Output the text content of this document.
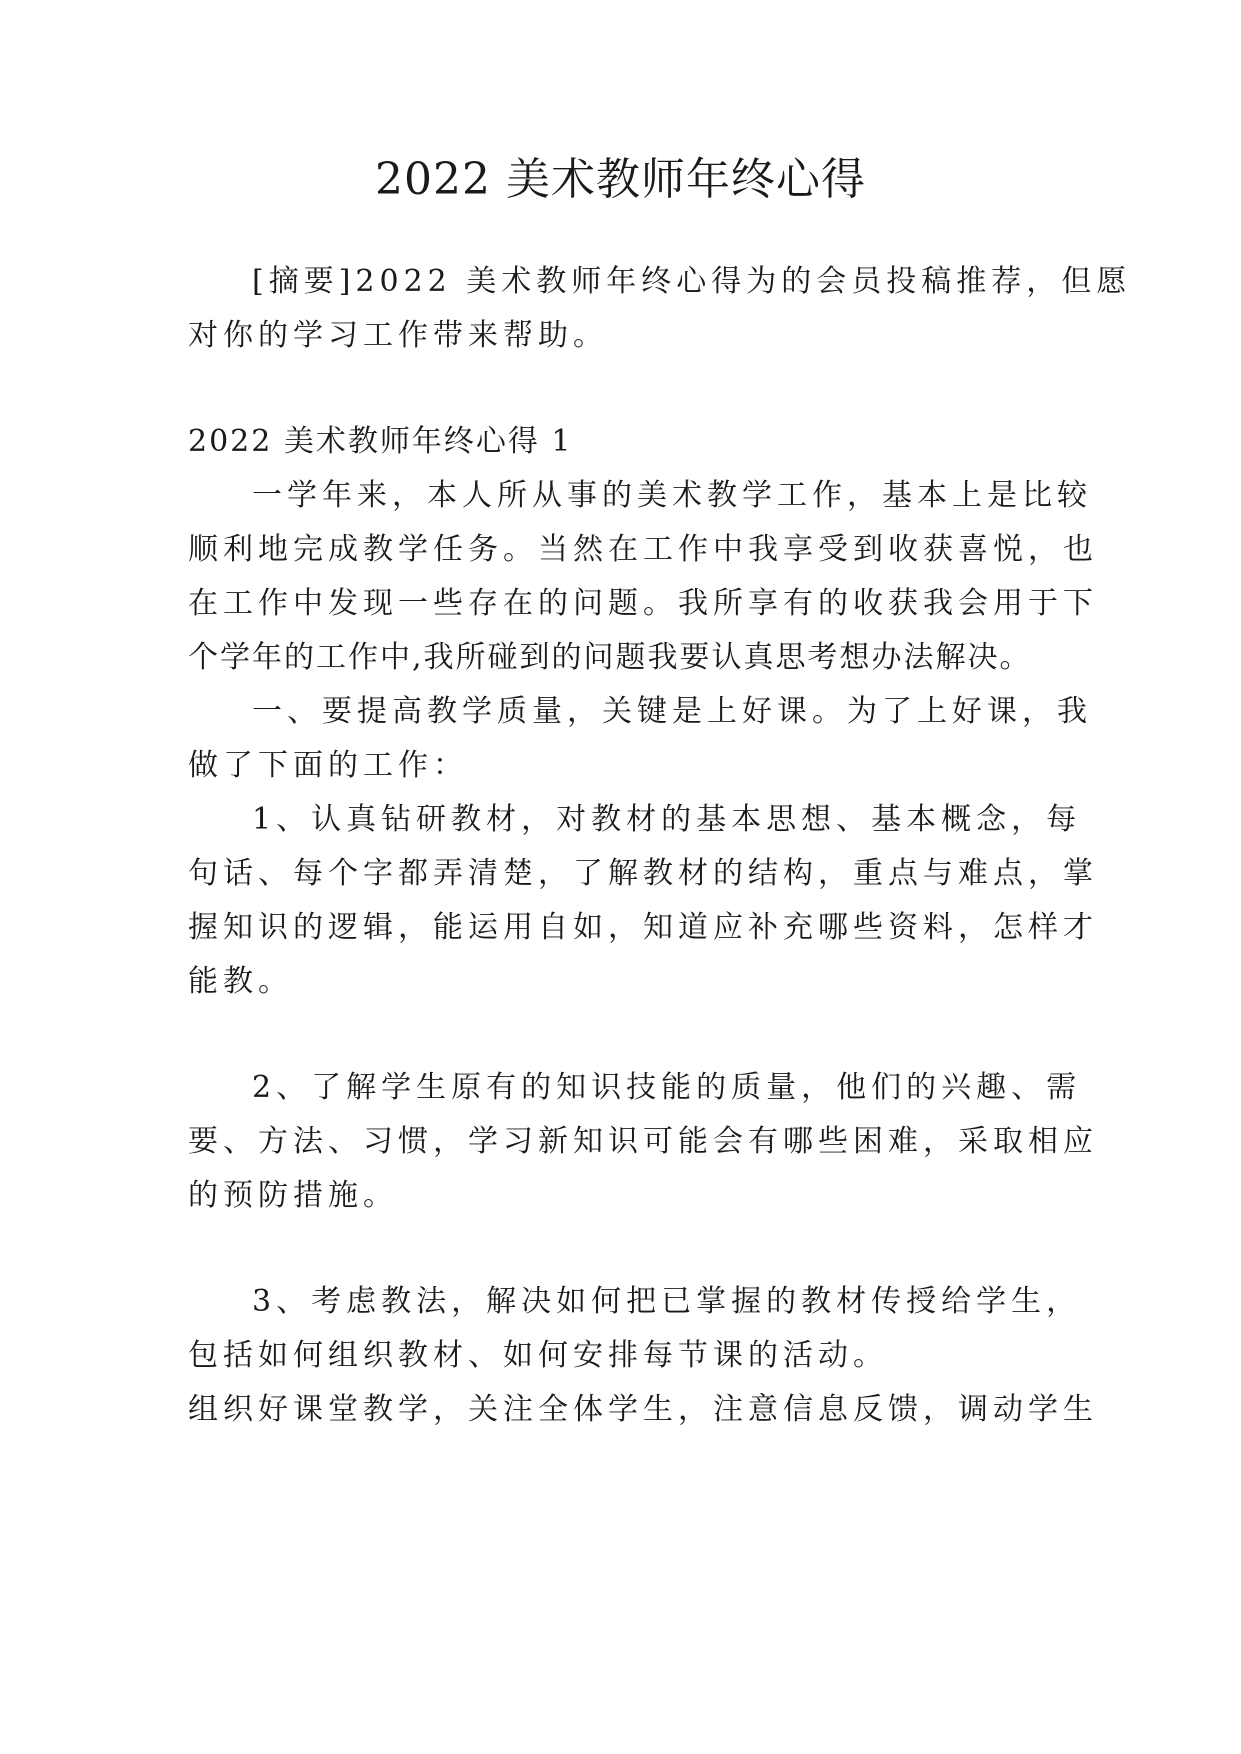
2022 美术教师年终心得

[摘要]2022 美术教师年终心得为的会员投稿推荐，但愿

对你的学习工作带来帮助。

2022 美术教师年终心得 1

一学年来，本人所从事的美术教学工作，基本上是比较

顺利地完成教学任务。当然在工作中我享受到收获喜悦，也

在工作中发现一些存在的问题。我所享有的收获我会用于下

个学年的工作中,我所碰到的问题我要认真思考想办法解决。

一、要提高教学质量，关键是上好课。为了上好课，我

做了下面的工作：

1、认真钻研教材，对教材的基本思想、基本概念，每

句话、每个字都弄清楚，了解教材的结构，重点与难点，掌

握知识的逻辑，能运用自如，知道应补充哪些资料，怎样才

能教。

2、了解学生原有的知识技能的质量，他们的兴趣、需

要、方法、习惯，学习新知识可能会有哪些困难，采取相应

的预防措施。

3、考虑教法，解决如何把已掌握的教材传授给学生，

包括如何组织教材、如何安排每节课的活动。

组织好课堂教学，关注全体学生，注意信息反馈，调动学生
